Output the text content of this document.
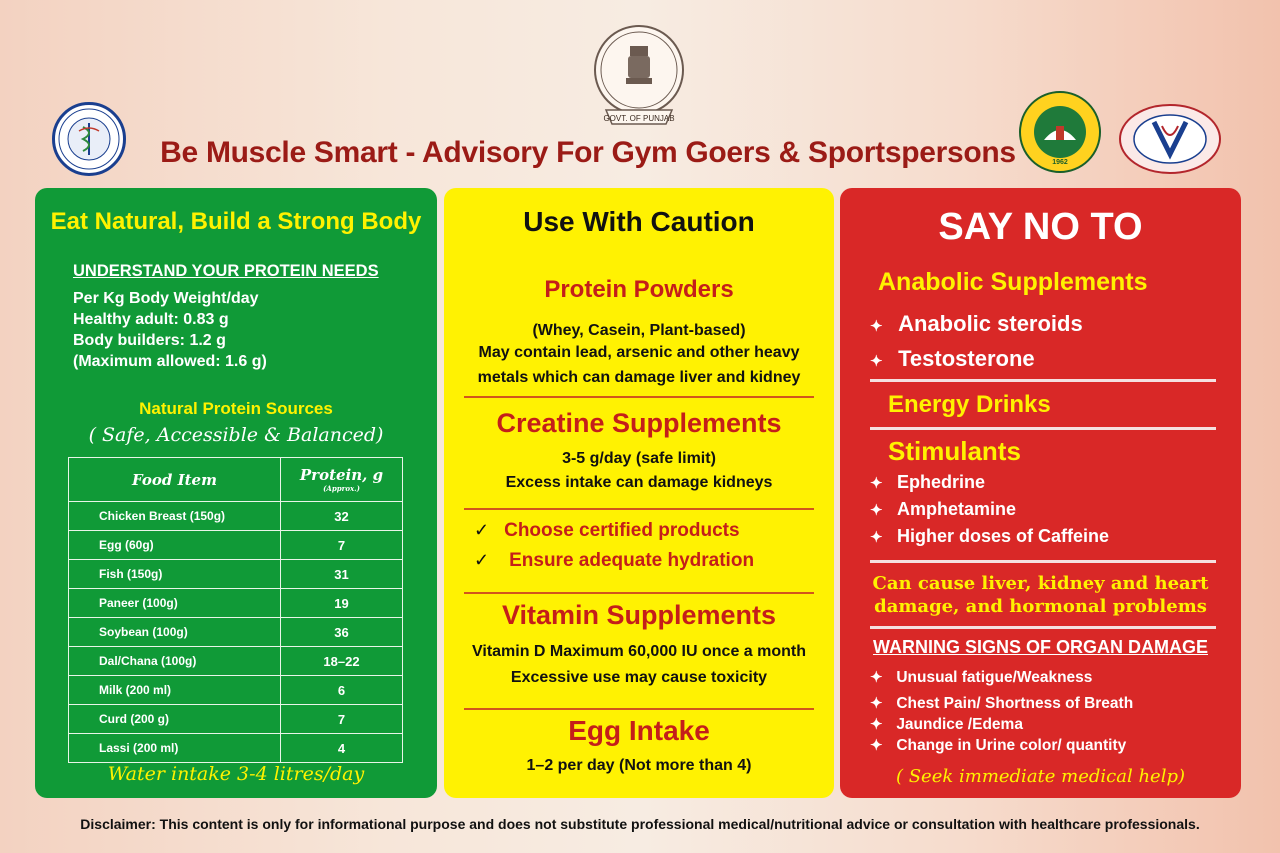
GOVT. OF PUNJAB
1962
Be Muscle Smart - Advisory For Gym Goers & Sportspersons
Eat Natural, Build a Strong Body
UNDERSTAND YOUR PROTEIN NEEDS
Per Kg Body Weight/day
Healthy adult: 0.83 g
Body builders: 1.2 g
(Maximum allowed: 1.6 g)
Natural Protein Sources
( Safe, Accessible & Balanced)
Food Item	Protein, g
(Approx.)

Chicken Breast (150g)	32
Egg (60g)	7
Fish (150g)	31
Paneer (100g)	19
Soybean (100g)	36
Dal/Chana (100g)	18–22
Milk (200 ml)	6
Curd (200 g)	7
Lassi (200 ml)	4
Water intake 3-4 litres/day
Use With Caution
Protein Powders
(Whey, Casein, Plant-based)
May contain lead, arsenic and other heavy
metals which can damage liver and kidney
Creatine Supplements
3-5 g/day (safe limit)
Excess intake can damage kidneys
✓ Choose certified products
✓ Ensure adequate hydration
Vitamin Supplements
Vitamin D Maximum 60,000 IU once a month
Excessive use may cause toxicity
Egg Intake
1–2 per day (Not more than 4)
SAY NO TO
Anabolic Supplements
✦ Anabolic steroids
✦ Testosterone
Energy Drinks
Stimulants
✦ Ephedrine
✦ Amphetamine
✦ Higher doses of Caffeine
Can cause liver, kidney and heart
damage, and hormonal problems
WARNING SIGNS OF ORGAN DAMAGE
✦ Unusual fatigue/Weakness
✦ Chest Pain/ Shortness of Breath
✦ Jaundice /Edema
✦ Change in Urine color/ quantity
( Seek immediate medical help)
Disclaimer: This content is only for informational purpose and does not substitute professional medical/nutritional advice or consultation with healthcare professionals.
